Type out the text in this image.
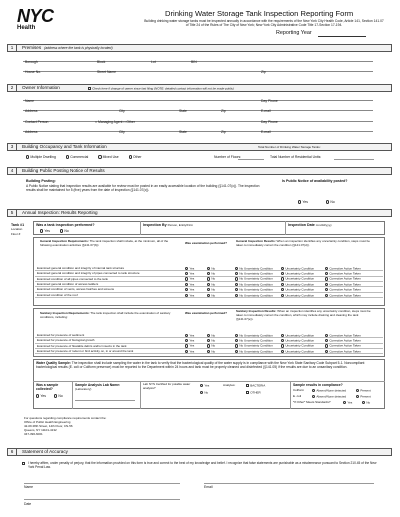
NYC
Health
Drinking Water Storage Tank Inspection Reporting Form
Building drinking water storage tanks must be inspected annually in accordance with the requirements of the New York City Health Code, Article 141, Section 141.07 of Title 24 of the Rules of The City of New York; New York City Administrative Code Title 17-Section 17-194.
Reporting Year
1	Premises (address where the tank is physically located)
Borough	Block	Lot	BIN
House No.	Street Name	Zip
2	Owner Information	Check here if change of owner since last filing (NOTE: detailed contact information will not be made public)
Name	Day Phone
Address	City	State	Zip	E-mail
Contact Person	□ Managing Agent □ Other	Day Phone
Address	City	State	Zip	E-mail
3	Building Occupancy and Tank Information	Total Number of Drinking Water Storage Tanks:
Multiple Dwelling	Commercial	Mixed Use	Other	Number of Floors:	Total Number of Residential Units:
4	Building Public Posting Notice of Results
Building Posting:
A Public Notice stating that inspection results are available for review must be posted in an easily accessible location of the building (§141.07(c)). The inspection results shall be maintained for 5 (five) years from the date of inspection (§141.07(c)).
Is Public Notice of availability posted?
Yes	No
5	Annual Inspection: Results Reporting
Tank #1
Location
Floor #
Was a tank inspection performed?
Yes	No
Inspection By Person, Entity/Firm	Inspection Date mm/dd/yyyy
General Inspection Requirements: The tank inspection shall include, at the minimum, all of the following examination activities (§141.07(b)):	Was examination performed?	General Inspection Results: When an inspection identifies any uncertainty condition, steps must be taken to immediately correct the condition (§141.07(d)).
Examined general condition and integrity of internal tank structure	Yes	No	No Uncertainty Condition	Uncertainty Condition	Corrective Action Taken
Examined general condition and integrity of pipes connected to tank structure	Yes	No	No Uncertainty Condition	Uncertainty Condition	Corrective Action Taken
Examined condition of all pipes connected to the tank	Yes	No	No Uncertainty Condition	Uncertainty Condition	Corrective Action Taken
Examined general condition of access ladders	Yes	No	No Uncertainty Condition	Uncertainty Condition	Corrective Action Taken
Examined condition of vents, access hatches and screens	Yes	No	No Uncertainty Condition	Uncertainty Condition	Corrective Action Taken
Examined condition of the roof	Yes	No	No Uncertainty Condition	Uncertainty Condition	Corrective Action Taken
Sanitary Inspection Requirements: The tank inspection shall include the examination of sanitary conditions, including:
Was examination performed?	Sanitary Inspection Results: When an inspection identifies any uncertainty condition, steps must be taken to immediately correct the condition, which may include draining and cleaning the tank (§141.07(e)).
Examined for presence of sediment	Yes	No	No Uncertainty Condition	Uncertainty Condition	Corrective Action Taken
Examined for presence of biological growth	Yes	No	No Uncertainty Condition	Uncertainty Condition	Corrective Action Taken
Examined for presence of floatable debris and/or insects in the tank	Yes	No	No Uncertainty Condition	Uncertainty Condition	Corrective Action Taken
Examined for presence of rodent or bird activity on, in or around the tank	Yes	No	No Uncertainty Condition	Uncertainty Condition	Corrective Action Taken
Water Quality Sample: The inspection shall include sampling the water in the tank to verify that the bacteriological quality of the water supply is in compliance with the New York State Sanitary Code Subpart 5-1. Noncompliant bacteriological results (E. coli or Coliform presence) must be reported to the Department within 24 hours and tank must be properly cleaned and disinfected (§141.05) if the results are due to an unsanitary condition.
Was a sample collected?
Yes	No
Sample Analysis Lab Name:
(Laboratory)
Lab NYS Certified for potable water analysis?
Yes
No
Analytes:	BACTERIA
OTHER
Sample results in compliance?
Coliform	Absent/None detected	Present
E. coli	Absent/None detected	Present
*If Other* Meets Standards?	Yes	No
For questions regarding compliance requirements contact the:
Office of Public Health Engineering
42-09 28th Street, 14th Floor, CN-56
Queens, NY 11101-4132
347-396-6001
6	Statement of Accuracy
I hereby affirm, under penalty of perjury, that the information provided on this form is true and correct to the best of my knowledge and belief. I recognize that false statements are punishable as a misdemeanor pursuant to Section 210.45 of the New York Penal Law.
Name	Email
Date
